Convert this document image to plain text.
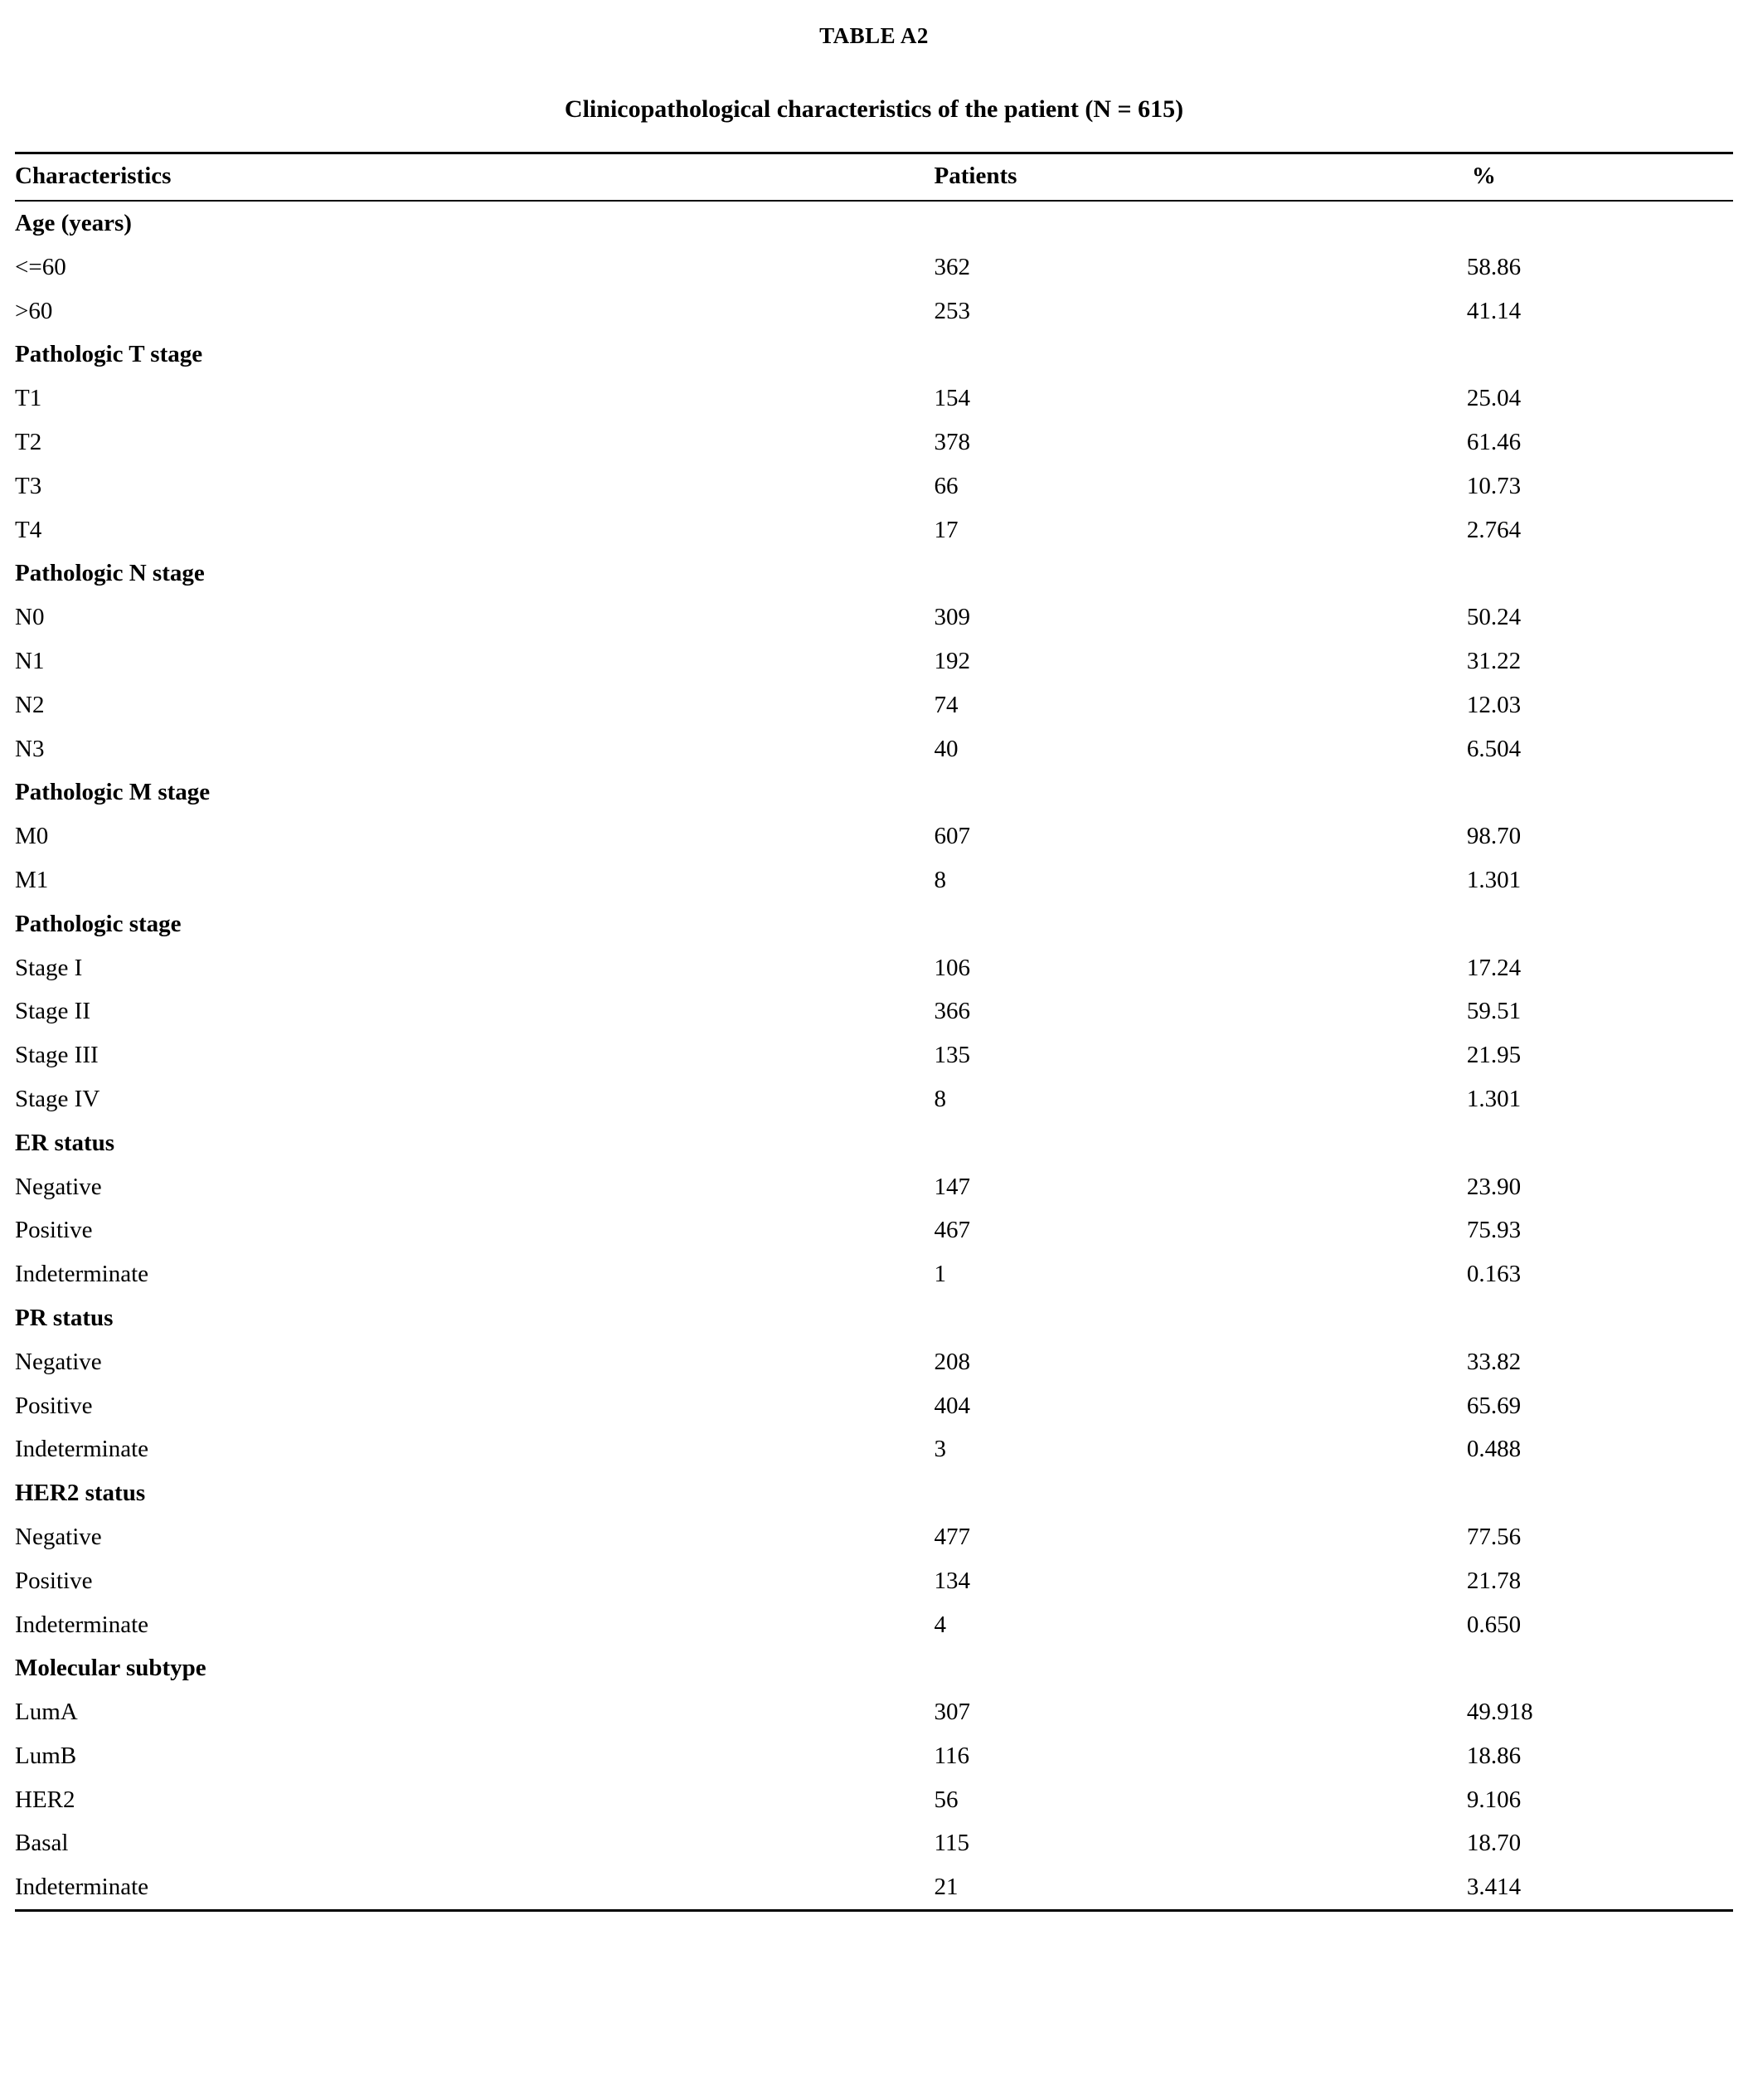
TABLE A2
Clinicopathological characteristics of the patient (N = 615)
Characteristics	Patients	%
Age (years)		
<=60	362	58.86
>60	253	41.14
Pathologic T stage		
T1	154	25.04
T2	378	61.46
T3	66	10.73
T4	17	2.764
Pathologic N stage		
N0	309	50.24
N1	192	31.22
N2	74	12.03
N3	40	6.504
Pathologic M stage		
M0	607	98.70
M1	8	1.301
Pathologic stage		
Stage I	106	17.24
Stage II	366	59.51
Stage III	135	21.95
Stage IV	8	1.301
ER status		
Negative	147	23.90
Positive	467	75.93
Indeterminate	1	0.163
PR status		
Negative	208	33.82
Positive	404	65.69
Indeterminate	3	0.488
HER2 status		
Negative	477	77.56
Positive	134	21.78
Indeterminate	4	0.650
Molecular subtype		
LumA	307	49.918
LumB	116	18.86
HER2	56	9.106
Basal	115	18.70
Indeterminate	21	3.414
